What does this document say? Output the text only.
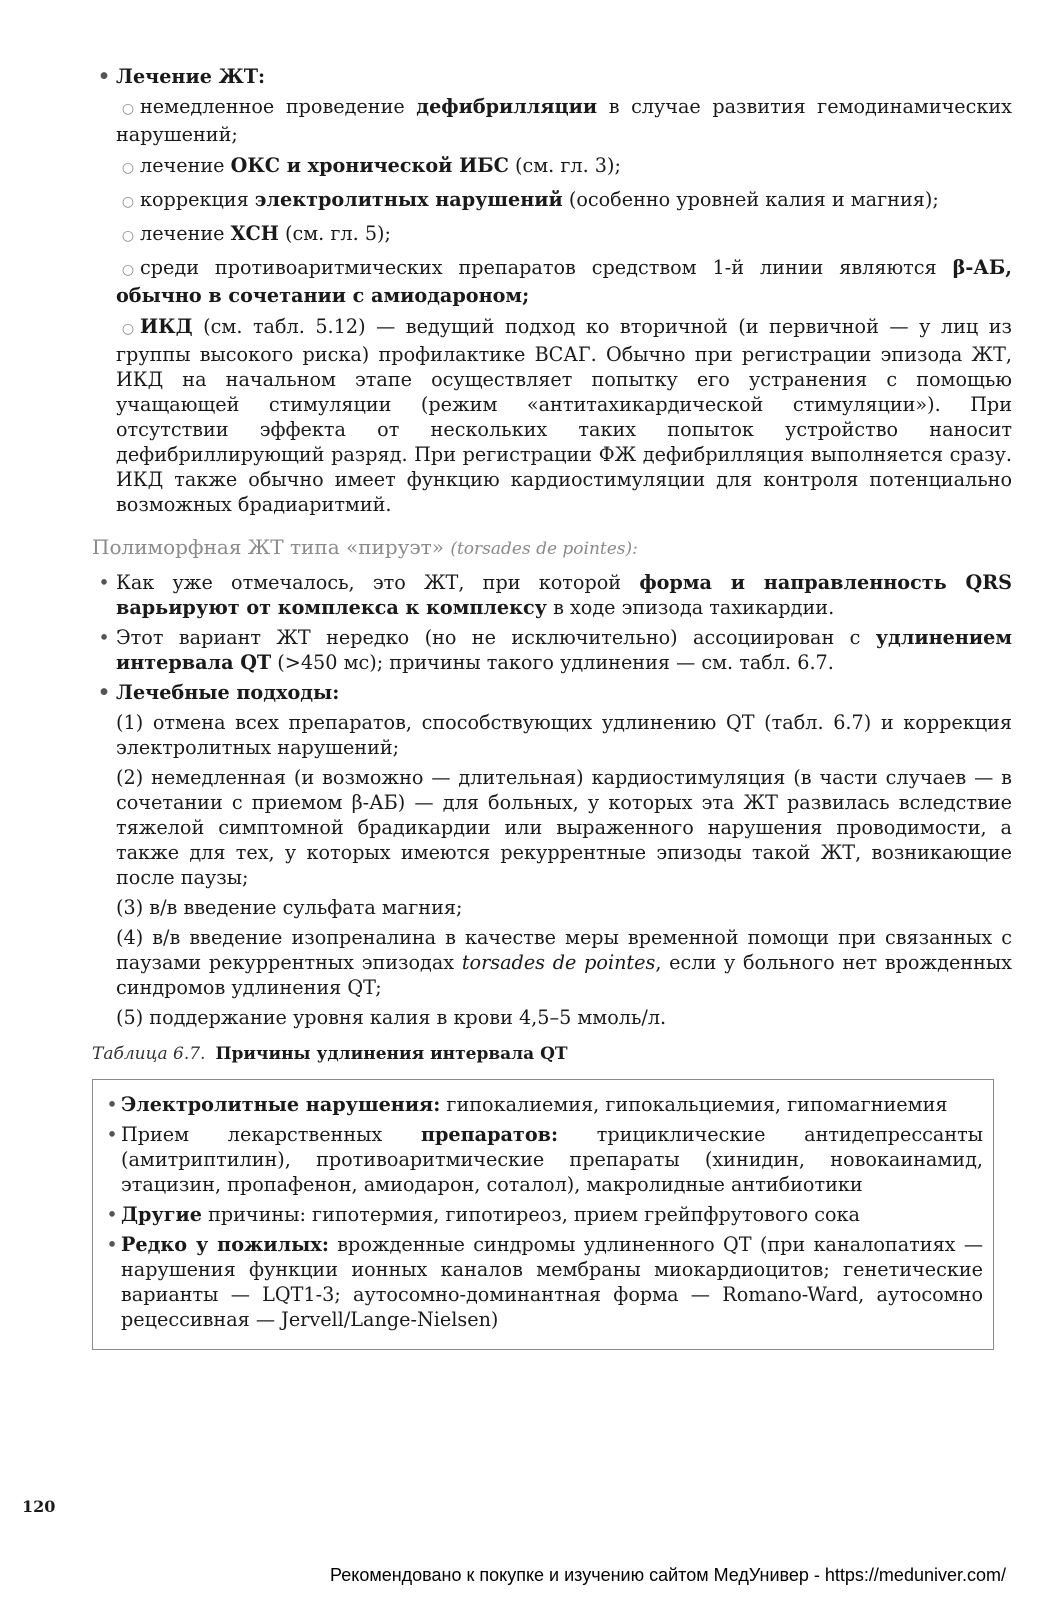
• Лечение ЖТ:
○ немедленное проведение дефибрилляции в случае развития гемодинамических нарушений;
○ лечение ОКС и хронической ИБС (см. гл. 3);
○ коррекция электролитных нарушений (особенно уровней калия и магния);
○ лечение ХСН (см. гл. 5);
○ среди противоаритмических препаратов средством 1-й линии являются β-АБ, обычно в сочетании с амиодароном;
○ ИКД (см. табл. 5.12) — ведущий подход ко вторичной (и первичной — у лиц из группы высокого риска) профилактике ВСАГ. Обычно при регистрации эпизода ЖТ, ИКД на начальном этапе осуществляет попытку его устранения с помощью учащающей стимуляции (режим «антитахикардической стимуляции»). При отсутствии эффекта от нескольких таких попыток устройство наносит дефибриллирующий разряд. При регистрации ФЖ дефибрилляция выполняется сразу. ИКД также обычно имеет функцию кардиостимуляции для контроля потенциально возможных брадиаритмий.
Полиморфная ЖТ типа «пируэт» (torsades de pointes):
• Как уже отмечалось, это ЖТ, при которой форма и направленность QRS варьируют от комплекса к комплексу в ходе эпизода тахикардии.
• Этот вариант ЖТ нередко (но не исключительно) ассоциирован с удлинением интервала QT (>450 мс); причины такого удлинения — см. табл. 6.7.
• Лечебные подходы:
(1) отмена всех препаратов, способствующих удлинению QT (табл. 6.7) и коррекция электролитных нарушений;
(2) немедленная (и возможно — длительная) кардиостимуляция (в части случаев — в сочетании с приемом β-АБ) — для больных, у которых эта ЖТ развилась вследствие тяжелой симптомной брадикардии или выраженного нарушения проводимости, а также для тех, у которых имеются рекуррентные эпизоды такой ЖТ, возникающие после паузы;
(3) в/в введение сульфата магния;
(4) в/в введение изопреналина в качестве меры временной помощи при связанных с паузами рекуррентных эпизодах torsades de pointes, если у больного нет врожденных синдромов удлинения QT;
(5) поддержание уровня калия в крови 4,5–5 ммоль/л.
Таблица 6.7. Причины удлинения интервала QT
• Электролитные нарушения: гипокалиемия, гипокальциемия, гипомагниемия
• Прием лекарственных препаратов: трициклические антидепрессанты (амитриптилин), противоаритмические препараты (хинидин, новокаинамид, этацизин, пропафенон, амиодарон, соталол), макролидные антибиотики
• Другие причины: гипотермия, гипотиреоз, прием грейпфрутового сока
• Редко у пожилых: врожденные синдромы удлиненного QT (при каналопатиях — нарушения функции ионных каналов мембраны миокардиоцитов; генетические варианты — LQT1-3; аутосомно-доминантная форма — Romano-Ward, аутосомно рецессивная — Jervell/Lange-Nielsen)
120
Рекомендовано к покупке и изучению сайтом МедУнивер - https://meduniver.com/
